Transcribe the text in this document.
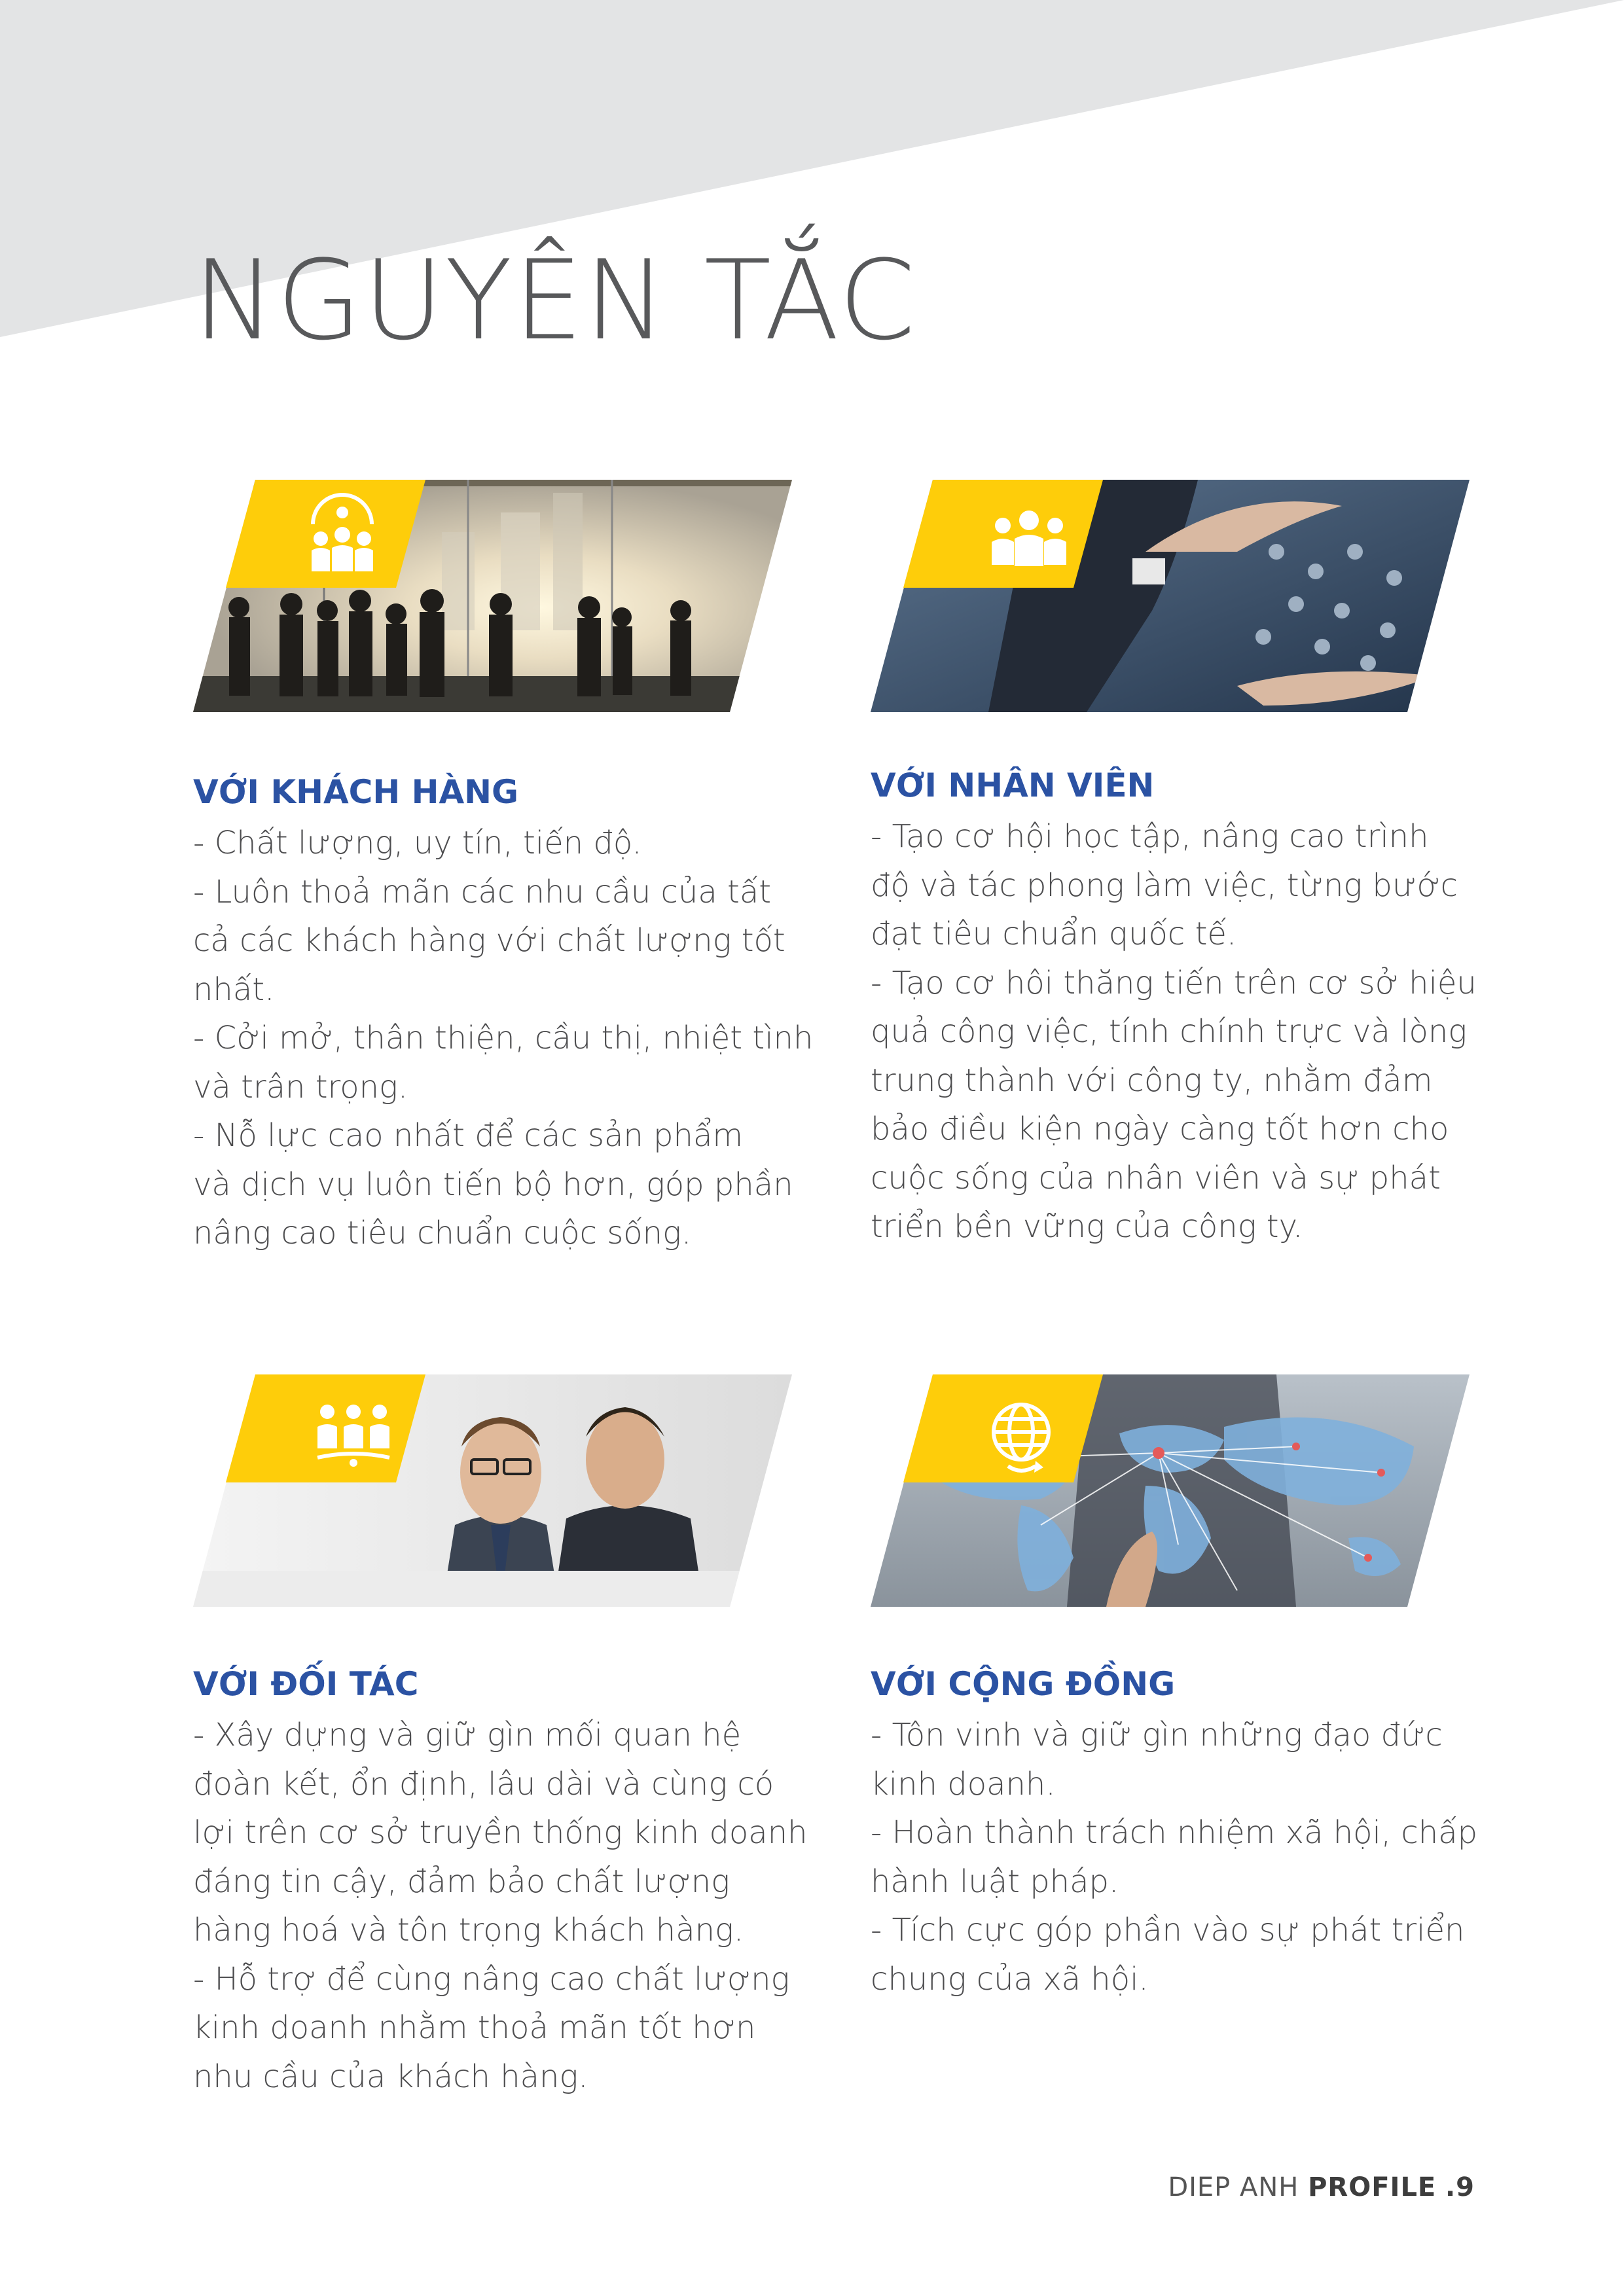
NGUYÊN TẮC
VỚI KHÁCH HÀNG

- Chất lượng, uy tín, tiến độ.

- Luôn thoả mãn các nhu cầu của tất

cả các khách hàng với chất lượng tốt

nhất.

- Cởi mở, thân thiện, cầu thị, nhiệt tình

và trân trọng.

- Nỗ lực cao nhất để các sản phẩm

và dịch vụ luôn tiến bộ hơn, góp phần

nâng cao tiêu chuẩn cuộc sống.

VỚI NHÂN VIÊN

- Tạo cơ hội học tập, nâng cao trình

độ và tác phong làm việc, từng bước

đạt tiêu chuẩn quốc tế.

- Tạo cơ hôi thăng tiến trên cơ sở hiệu

quả công việc, tính chính trực và lòng

trung thành với công ty, nhằm đảm

bảo điều kiện ngày càng tốt hơn cho

cuộc sống của nhân viên và sự phát

triển bền vững của công ty.

VỚI ĐỐI TÁC

- Xây dựng và giữ gìn mối quan hệ

đoàn kết, ổn định, lâu dài và cùng có

lợi trên cơ sở truyền thống kinh doanh

đáng tin cậy, đảm bảo chất lượng

hàng hoá và tôn trọng khách hàng.

- Hỗ trợ để cùng nâng cao chất lượng

kinh doanh nhằm thoả mãn tốt hơn

nhu cầu của khách hàng.

VỚI CỘNG ĐỒNG

- Tôn vinh và giữ gìn những đạo đức

kinh doanh.

- Hoàn thành trách nhiệm xã hội, chấp

hành luật pháp.

- Tích cực góp phần vào sự phát triển

chung của xã hội.

DIEP ANH PROFILE .9
